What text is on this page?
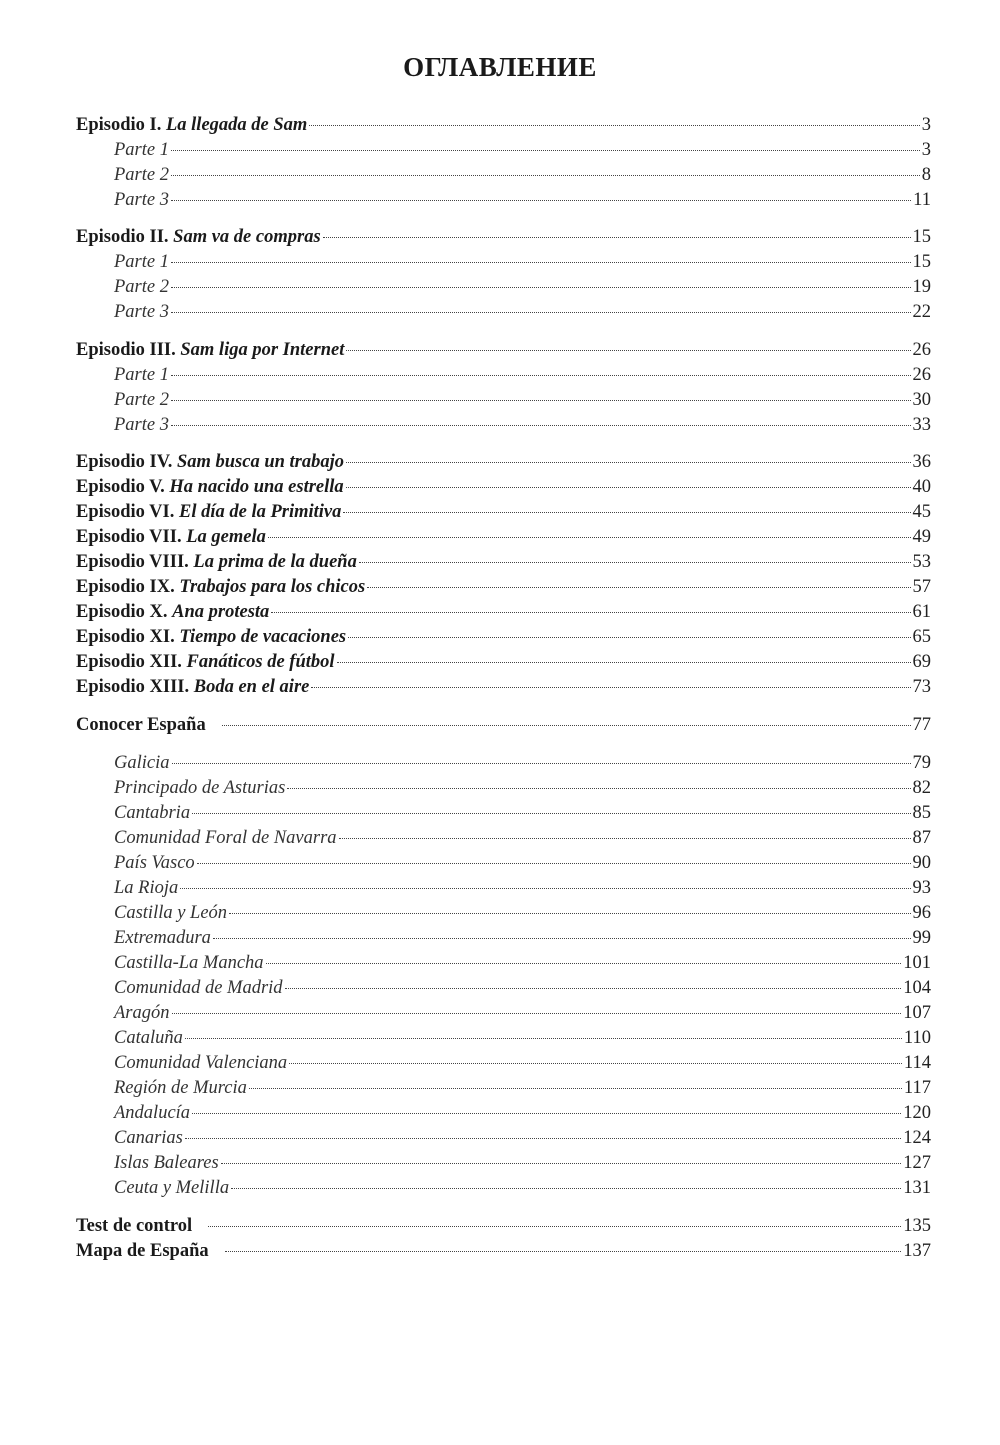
ОГЛАВЛЕНИЕ
Episodio I. La llegada de Sam	3
Parte 1	3
Parte 2	8
Parte 3	11
Episodio II. Sam va de compras	15
Parte 1	15
Parte 2	19
Parte 3	22
Episodio III. Sam liga por Internet	26
Parte 1	26
Parte 2	30
Parte 3	33
Episodio IV. Sam busca un trabajo	36
Episodio V. Ha nacido una estrella	40
Episodio VI. El día de la Primitiva	45
Episodio VII. La gemela	49
Episodio VIII. La prima de la dueña	53
Episodio IX. Trabajos para los chicos	57
Episodio X. Ana protesta	61
Episodio XI. Tiempo de vacaciones	65
Episodio XII. Fanáticos de fútbol	69
Episodio XIII. Boda en el aire	73
Conocer España	77
Galicia	79
Principado de Asturias	82
Cantabria	85
Comunidad Foral de Navarra	87
País Vasco	90
La Rioja	93
Castilla y León	96
Extremadura	99
Castilla-La Mancha	101
Comunidad de Madrid	104
Aragón	107
Cataluña	110
Comunidad Valenciana	114
Región de Murcia	117
Andalucía	120
Canarias	124
Islas Baleares	127
Ceuta y Melilla	131
Test de control	135
Mapa de España	137
